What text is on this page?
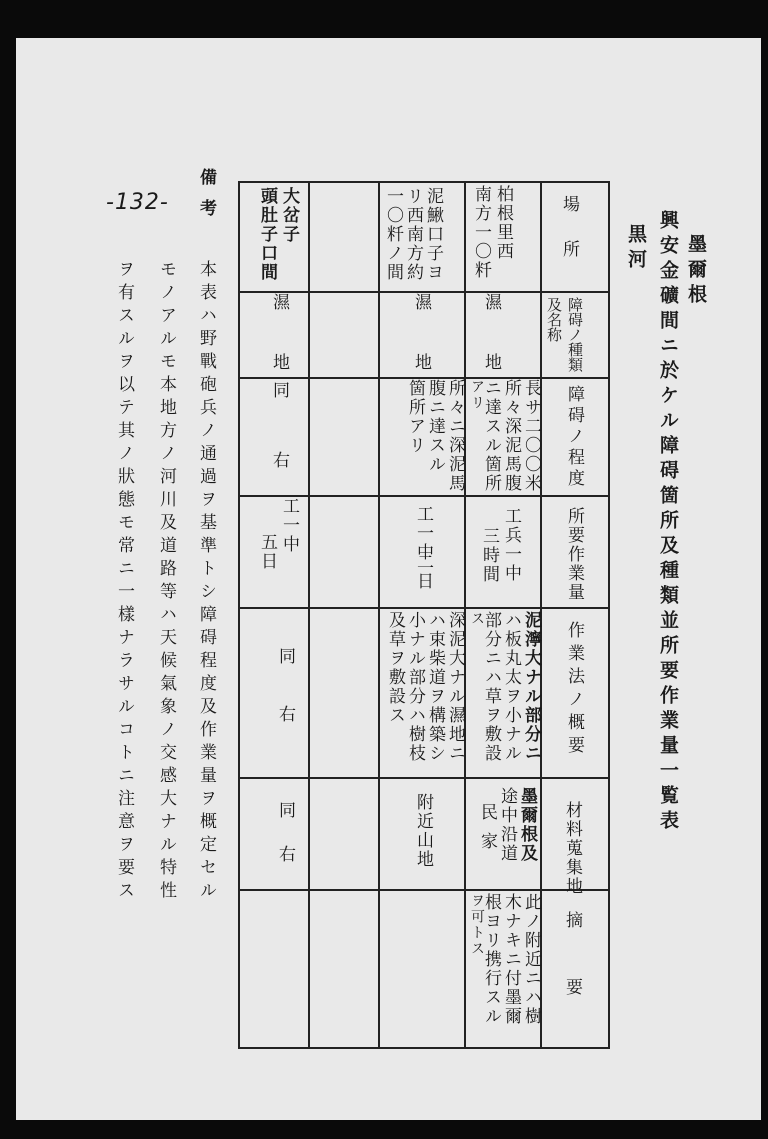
-132-
墨爾根
興安金礦間ニ於ケル障碍箇所及種類並所要作業量一覧表
黒河
場所
障碍ノ種類及名称
障碍ノ程度
所要作業量
作業法ノ概要
材料蒐集地
摘要
柏根里西
南方一〇粁
濕
地
長サ二〇〇米
所々深泥馬腹
ニ達スル箇所
アリ
工兵一中
三時間
泥濘大ナル部分ニ
ハ板丸太ヲ小ナル
部分ニハ草ヲ敷設
ス
墨爾根及
途中沿道
民家
此ノ附近ニハ樹
木ナキニ付墨爾
根ヨリ携行スル
ヲ可トス
泥鰍口子ヨ
リ西南方約
一〇粁ノ間
濕
地
所々ニ深泥馬
腹ニ達スル
箇所アリ
工一中
二日
深泥大ナル濕地ニ
ハ束柴道ヲ構築シ
小ナル部分ハ樹枝
及草ヲ敷設ス
附近山地
大岔子
頭肚子口間
濕
地
同
右
工一中
五日
同
右
同
右
備考
本表ハ野戰砲兵ノ通過ヲ基準トシ障碍程度及作業量ヲ概定セル
モノアルモ本地方ノ河川及道路等ハ天候氣象ノ交感大ナル特性
ヲ有スルヲ以テ其ノ狀態モ常ニ一樣ナラサルコトニ注意ヲ要ス
